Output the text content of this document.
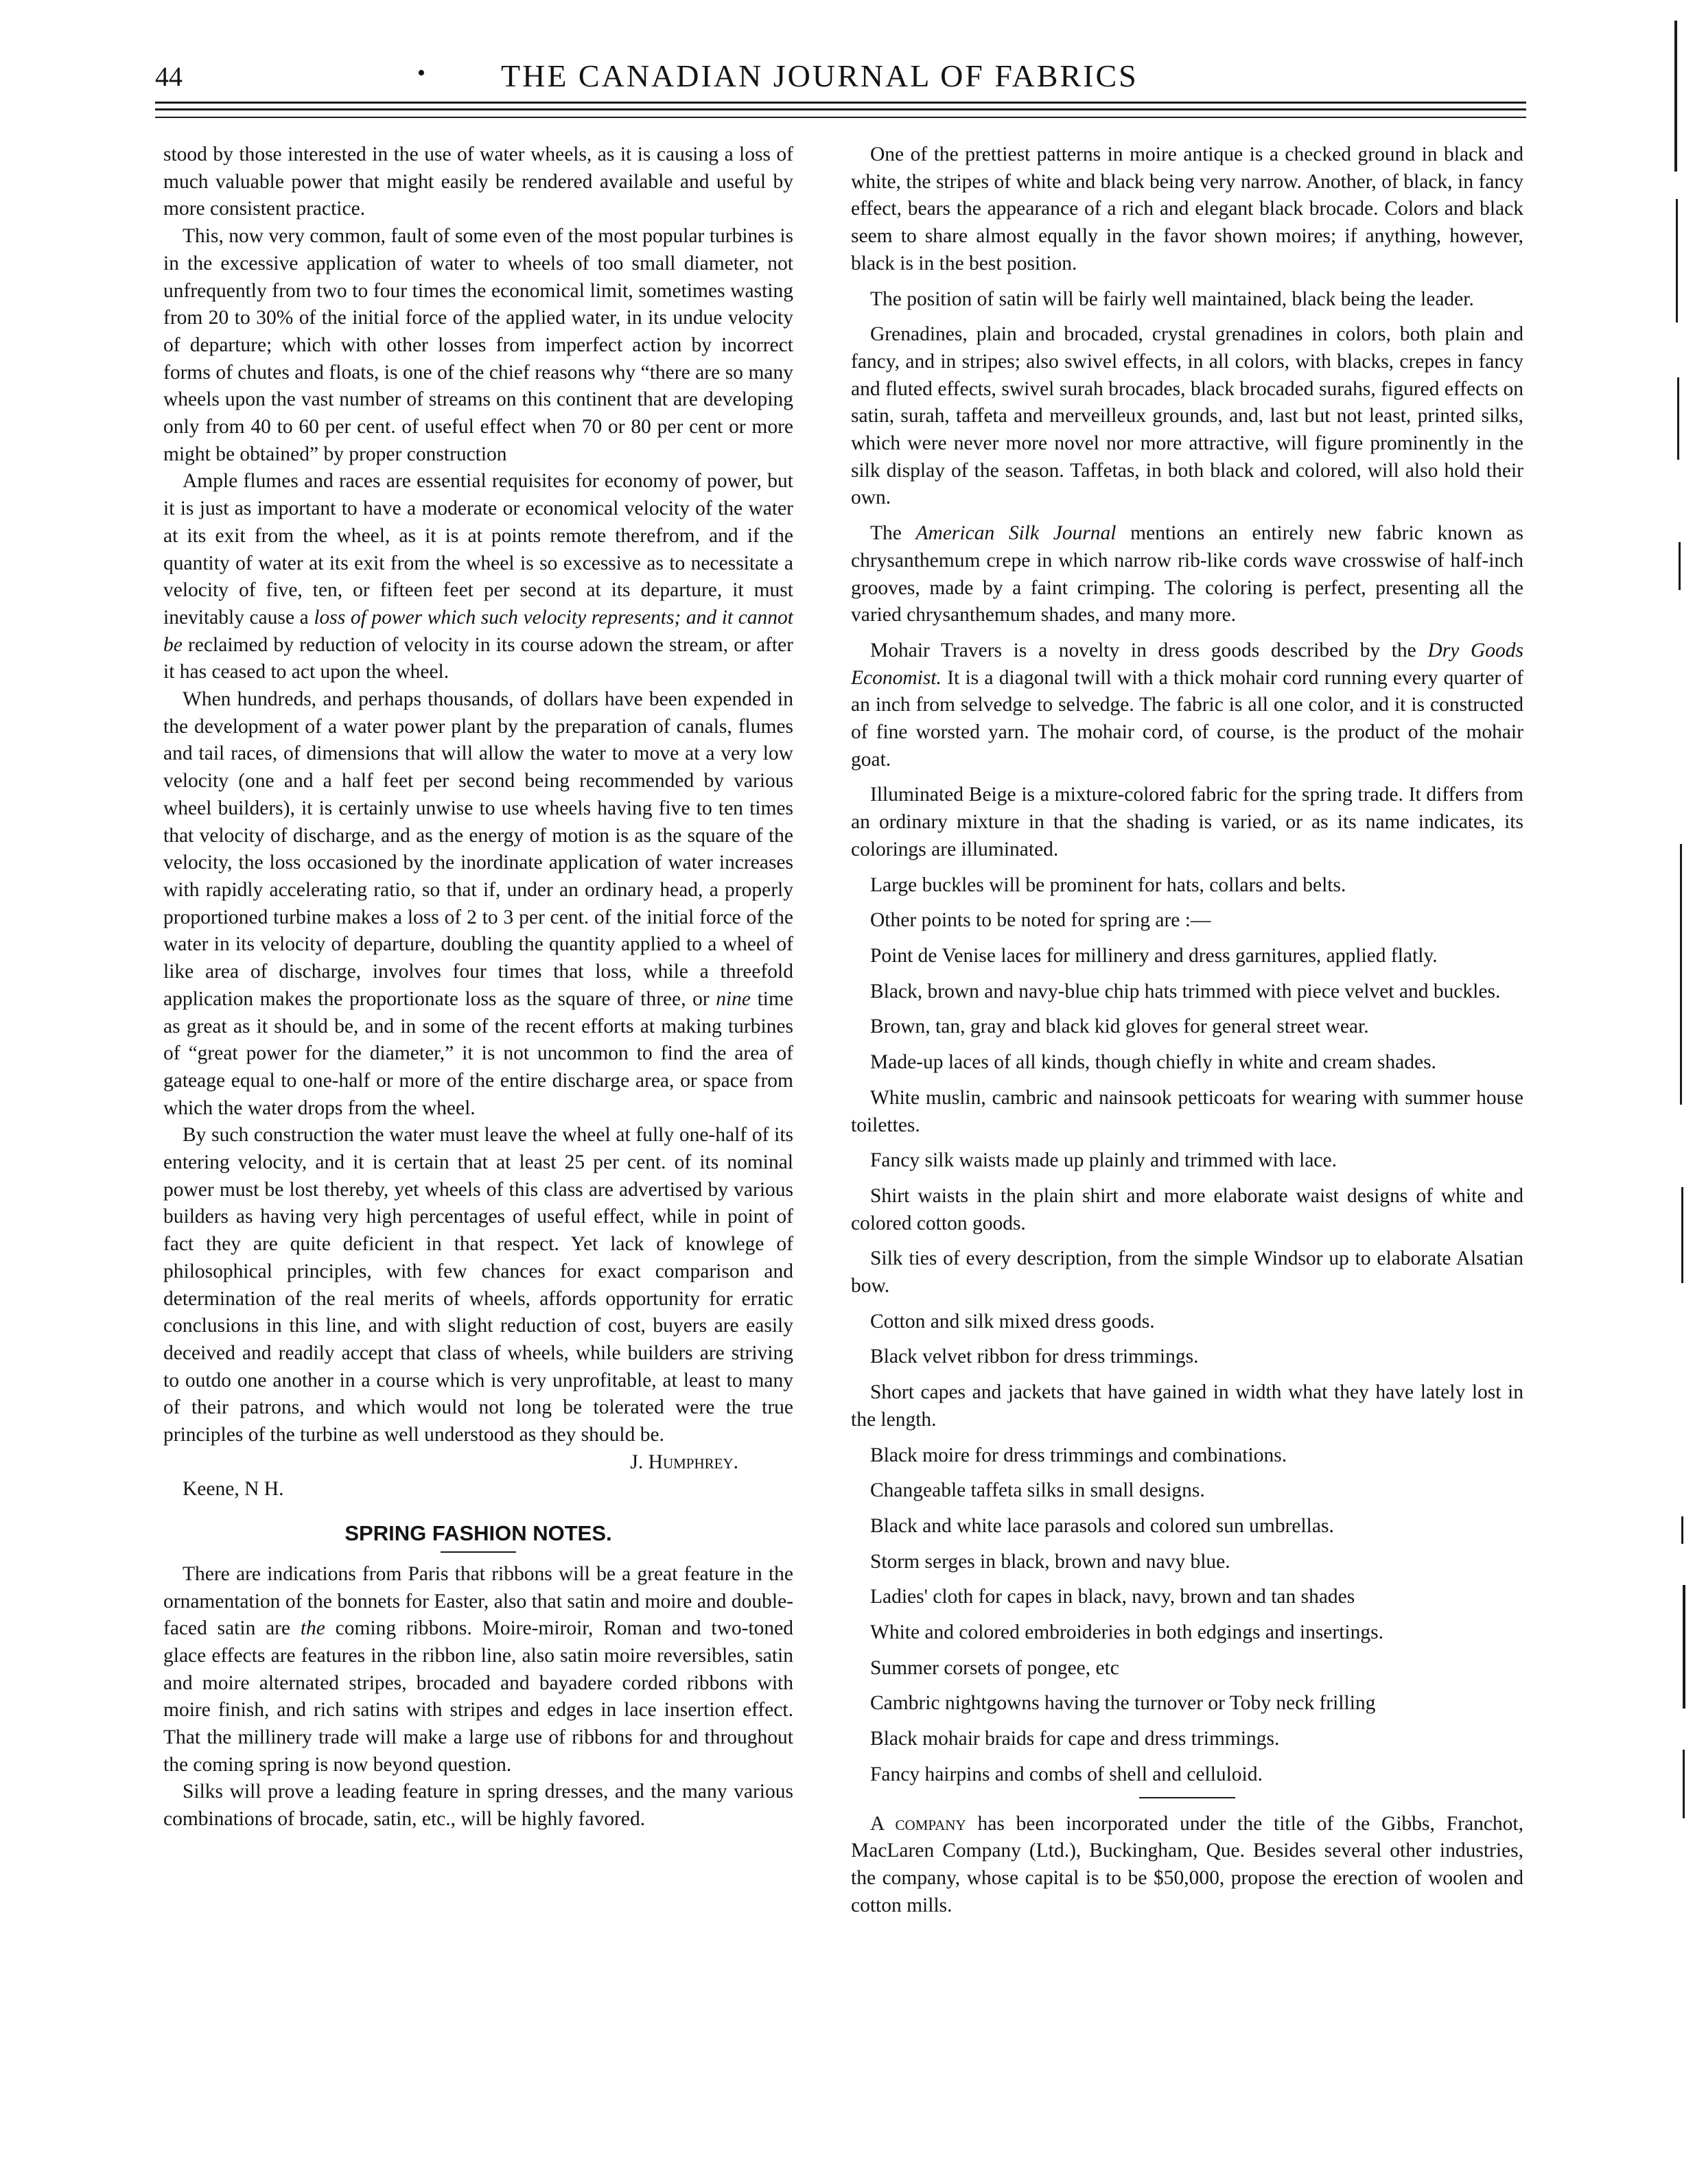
44	• THE CANADIAN JOURNAL OF FABRICS

stood by those interested in the use of water wheels, as it is causing a loss of much valuable power that might easily be rendered available and useful by more consistent practice.

This, now very common, fault of some even of the most popular turbines is in the excessive application of water to wheels of too small diameter, not unfrequently from two to four times the economical limit, sometimes wasting from 20 to 30% of the initial force of the applied water, in its undue velocity of departure; which with other losses from imperfect action by incorrect forms of chutes and floats, is one of the chief reasons why “there are so many wheels upon the vast number of streams on this continent that are developing only from 40 to 60 per cent. of useful effect when 70 or 80 per cent or more might be obtained” by proper construction

Ample flumes and races are essential requisites for economy of power, but it is just as important to have a moderate or economical velocity of the water at its exit from the wheel, as it is at points remote therefrom, and if the quantity of water at its exit from the wheel is so excessive as to necessitate a velocity of five, ten, or fifteen feet per second at its departure, it must inevitably cause a loss of power which such velocity represents; and it cannot be reclaimed by reduction of velocity in its course adown the stream, or after it has ceased to act upon the wheel.

When hundreds, and perhaps thousands, of dollars have been expended in the development of a water power plant by the preparation of canals, flumes and tail races, of dimensions that will allow the water to move at a very low velocity (one and a half feet per second being recommended by various wheel builders), it is certainly unwise to use wheels having five to ten times that velocity of discharge, and as the energy of motion is as the square of the velocity, the loss occasioned by the inordinate application of water increases with rapidly accelerating ratio, so that if, under an ordinary head, a properly proportioned turbine makes a loss of 2 to 3 per cent. of the initial force of the water in its velocity of departure, doubling the quantity applied to a wheel of like area of discharge, involves four times that loss, while a threefold application makes the proportionate loss as the square of three, or nine time as great as it should be, and in some of the recent efforts at making turbines of “great power for the diameter,” it is not uncommon to find the area of gateage equal to one-half or more of the entire discharge area, or space from which the water drops from the wheel.

By such construction the water must leave the wheel at fully one-half of its entering velocity, and it is certain that at least 25 per cent. of its nominal power must be lost thereby, yet wheels of this class are advertised by various builders as having very high percentages of useful effect, while in point of fact they are quite deficient in that respect. Yet lack of knowlege of philosophical principles, with few chances for exact comparison and determination of the real merits of wheels, affords opportunity for erratic conclusions in this line, and with slight reduction of cost, buyers are easily deceived and readily accept that class of wheels, while builders are striving to outdo one another in a course which is very unprofitable, at least to many of their patrons, and which would not long be tolerated were the true principles of the turbine as well understood as they should be.

J. Humphrey.
Keene, N H.
SPRING FASHION NOTES.

There are indications from Paris that ribbons will be a great feature in the ornamentation of the bonnets for Easter, also that satin and moire and double-faced satin are the coming ribbons. Moire-miroir, Roman and two-toned glace effects are features in the ribbon line, also satin moire reversibles, satin and moire alternated stripes, brocaded and bayadere corded ribbons with moire finish, and rich satins with stripes and edges in lace insertion effect. That the millinery trade will make a large use of ribbons for and throughout the coming spring is now beyond question.

Silks will prove a leading feature in spring dresses, and the many various combinations of brocade, satin, etc., will be highly favored.

One of the prettiest patterns in moire antique is a checked ground in black and white, the stripes of white and black being very narrow. Another, of black, in fancy effect, bears the appearance of a rich and elegant black brocade. Colors and black seem to share almost equally in the favor shown moires; if anything, however, black is in the best position.

The position of satin will be fairly well maintained, black being the leader.

Grenadines, plain and brocaded, crystal grenadines in colors, both plain and fancy, and in stripes; also swivel effects, in all colors, with blacks, crepes in fancy and fluted effects, swivel surah brocades, black brocaded surahs, figured effects on satin, surah, taffeta and merveilleux grounds, and, last but not least, printed silks, which were never more novel nor more attractive, will figure prominently in the silk display of the season. Taffetas, in both black and colored, will also hold their own.

The American Silk Journal mentions an entirely new fabric known as chrysanthemum crepe in which narrow rib-like cords wave crosswise of half-inch grooves, made by a faint crimping. The coloring is perfect, presenting all the varied chrysanthemum shades, and many more.

Mohair Travers is a novelty in dress goods described by the Dry Goods Economist. It is a diagonal twill with a thick mohair cord running every quarter of an inch from selvedge to selvedge. The fabric is all one color, and it is constructed of fine worsted yarn. The mohair cord, of course, is the product of the mohair goat.

Illuminated Beige is a mixture-colored fabric for the spring trade. It differs from an ordinary mixture in that the shading is varied, or as its name indicates, its colorings are illuminated.

Large buckles will be prominent for hats, collars and belts.

Other points to be noted for spring are :—

Point de Venise laces for millinery and dress garnitures, applied flatly.

Black, brown and navy-blue chip hats trimmed with piece velvet and buckles.

Brown, tan, gray and black kid gloves for general street wear.

Made-up laces of all kinds, though chiefly in white and cream shades.

White muslin, cambric and nainsook petticoats for wearing with summer house toilettes.

Fancy silk waists made up plainly and trimmed with lace.

Shirt waists in the plain shirt and more elaborate waist designs of white and colored cotton goods.

Silk ties of every description, from the simple Windsor up to elaborate Alsatian bow.

Cotton and silk mixed dress goods.

Black velvet ribbon for dress trimmings.

Short capes and jackets that have gained in width what they have lately lost in the length.

Black moire for dress trimmings and combinations.

Changeable taffeta silks in small designs.

Black and white lace parasols and colored sun umbrellas.

Storm serges in black, brown and navy blue.

Ladies' cloth for capes in black, navy, brown and tan shades

White and colored embroideries in both edgings and insertings.

Summer corsets of pongee, etc

Cambric nightgowns having the turnover or Toby neck frilling

Black mohair braids for cape and dress trimmings.

Fancy hairpins and combs of shell and celluloid.

A company has been incorporated under the title of the Gibbs, Franchot, MacLaren Company (Ltd.), Buckingham, Que. Besides several other industries, the company, whose capital is to be $50,000, propose the erection of woolen and cotton mills.
